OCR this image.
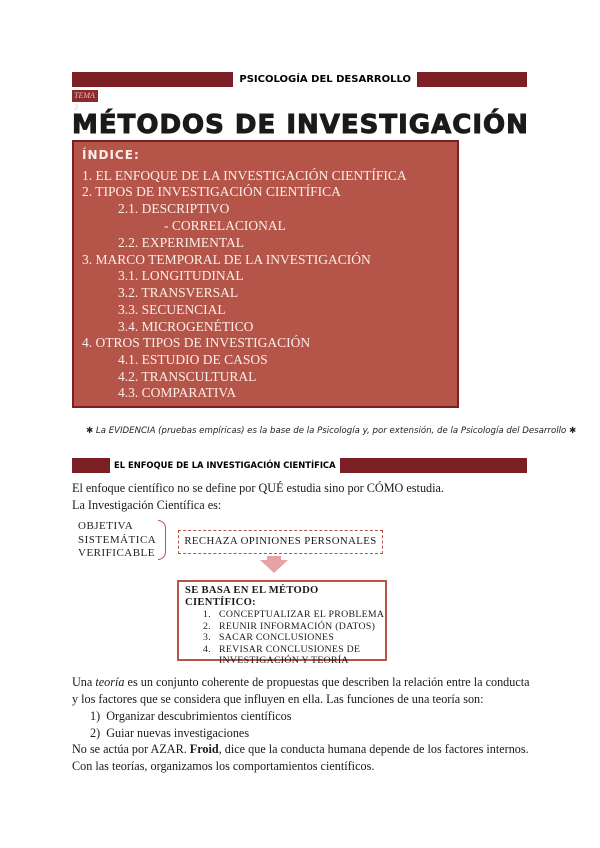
PSICOLOGÍA DEL DESARROLLO
TEMA 3
MÉTODOS DE INVESTIGACIÓN
ÍNDICE:
1. EL ENFOQUE DE LA INVESTIGACIÓN CIENTÍFICA
2. TIPOS DE INVESTIGACIÓN CIENTÍFICA
2.1. DESCRIPTIVO
- CORRELACIONAL
2.2. EXPERIMENTAL
3. MARCO TEMPORAL DE LA INVESTIGACIÓN
3.1. LONGITUDINAL
3.2. TRANSVERSAL
3.3. SECUENCIAL
3.4. MICROGENÉTICO
4. OTROS TIPOS DE INVESTIGACIÓN
4.1. ESTUDIO DE CASOS
4.2. TRANSCULTURAL
4.3. COMPARATIVA
✱ La EVIDENCIA (pruebas empíricas) es la base de la Psicología y, por extensión, de la Psicología del Desarrollo ✱
EL ENFOQUE DE LA INVESTIGACIÓN CIENTÍFICA
El enfoque científico no se define por QUÉ estudia sino por CÓMO estudia.
La Investigación Científica es:
OBJETIVA
SISTEMÁTICA
VERIFICABLE
RECHAZA OPINIONES PERSONALES
SE BASA EN EL MÉTODO CIENTÍFICO:
1. CONCEPTUALIZAR EL PROBLEMA
2. REUNIR INFORMACIÓN (DATOS)
3. SACAR CONCLUSIONES
4. REVISAR CONCLUSIONES DE
INVESTIGACIÓN Y TEORÍA
Una teoría es un conjunto coherente de propuestas que describen la relación entre la conducta
y los factores que se considera que influyen en ella. Las funciones de una teoría son:
1) Organizar descubrimientos científicos
2) Guiar nuevas investigaciones
No se actúa por AZAR. Froid, dice que la conducta humana depende de los factores internos.
Con las teorías, organizamos los comportamientos científicos.
